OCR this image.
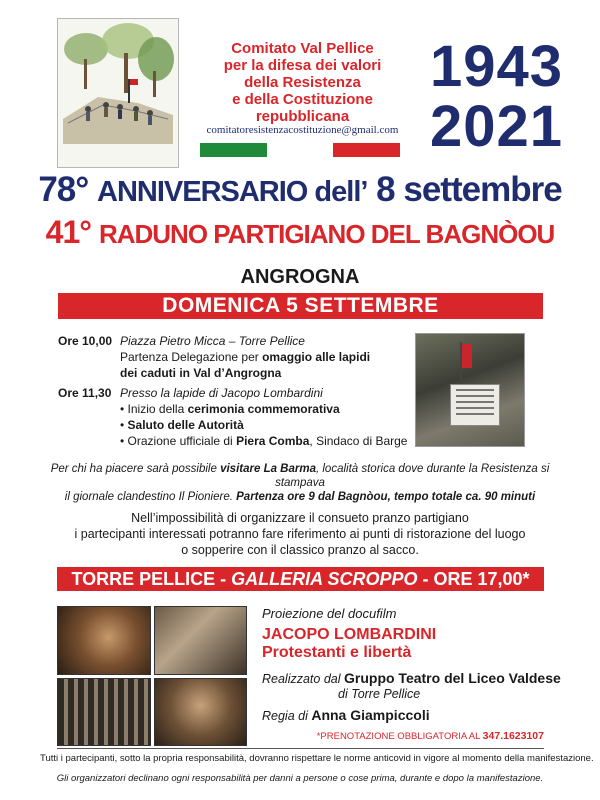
Comitato Val Pellice
per la difesa dei valori
della Resistenza
e della Costituzione repubblicana
comitatoresistenzacostituzione@gmail.com
1943
2021
78° ANNIVERSARIO dell’ 8 settembre
41° RADUNO PARTIGIANO DEL BAGNÒOU
ANGROGNA
DOMENICA 5 SETTEMBRE
Ore 10,00 Piazza Pietro Micca – Torre Pellice
Partenza Delegazione per omaggio alle lapidi
dei caduti in Val d’Angrogna
Ore 11,30 Presso la lapide di Jacopo Lombardini
• Inizio della cerimonia commemorativa
• Saluto delle Autorità
• Orazione ufficiale di Piera Comba, Sindaco di Barge
Per chi ha piacere sarà possibile visitare La Barma, località storica dove durante la Resistenza si stampava
il giornale clandestino Il Pioniere. Partenza ore 9 dal Bagnòou, tempo totale ca. 90 minuti
Nell’impossibilità di organizzare il consueto pranzo partigiano
i partecipanti interessati potranno fare riferimento ai punti di ristorazione del luogo
o sopperire con il classico pranzo al sacco.
TORRE PELLICE - GALLERIA SCROPPO - ORE 17,00*
Proiezione del docufilm
JACOPO LOMBARDINI
Protestanti e libertà
Realizzato dal Gruppo Teatro del Liceo Valdese
di Torre Pellice
Regia di Anna Giampiccoli
*PRENOTAZIONE OBBLIGATORIA AL 347.1623107
Tutti i partecipanti, sotto la propria responsabilità, dovranno rispettare le norme anticovid in vigore al momento della manifestazione.
Gli organizzatori declinano ogni responsabilità per danni a persone o cose prima, durante e dopo la manifestazione.
